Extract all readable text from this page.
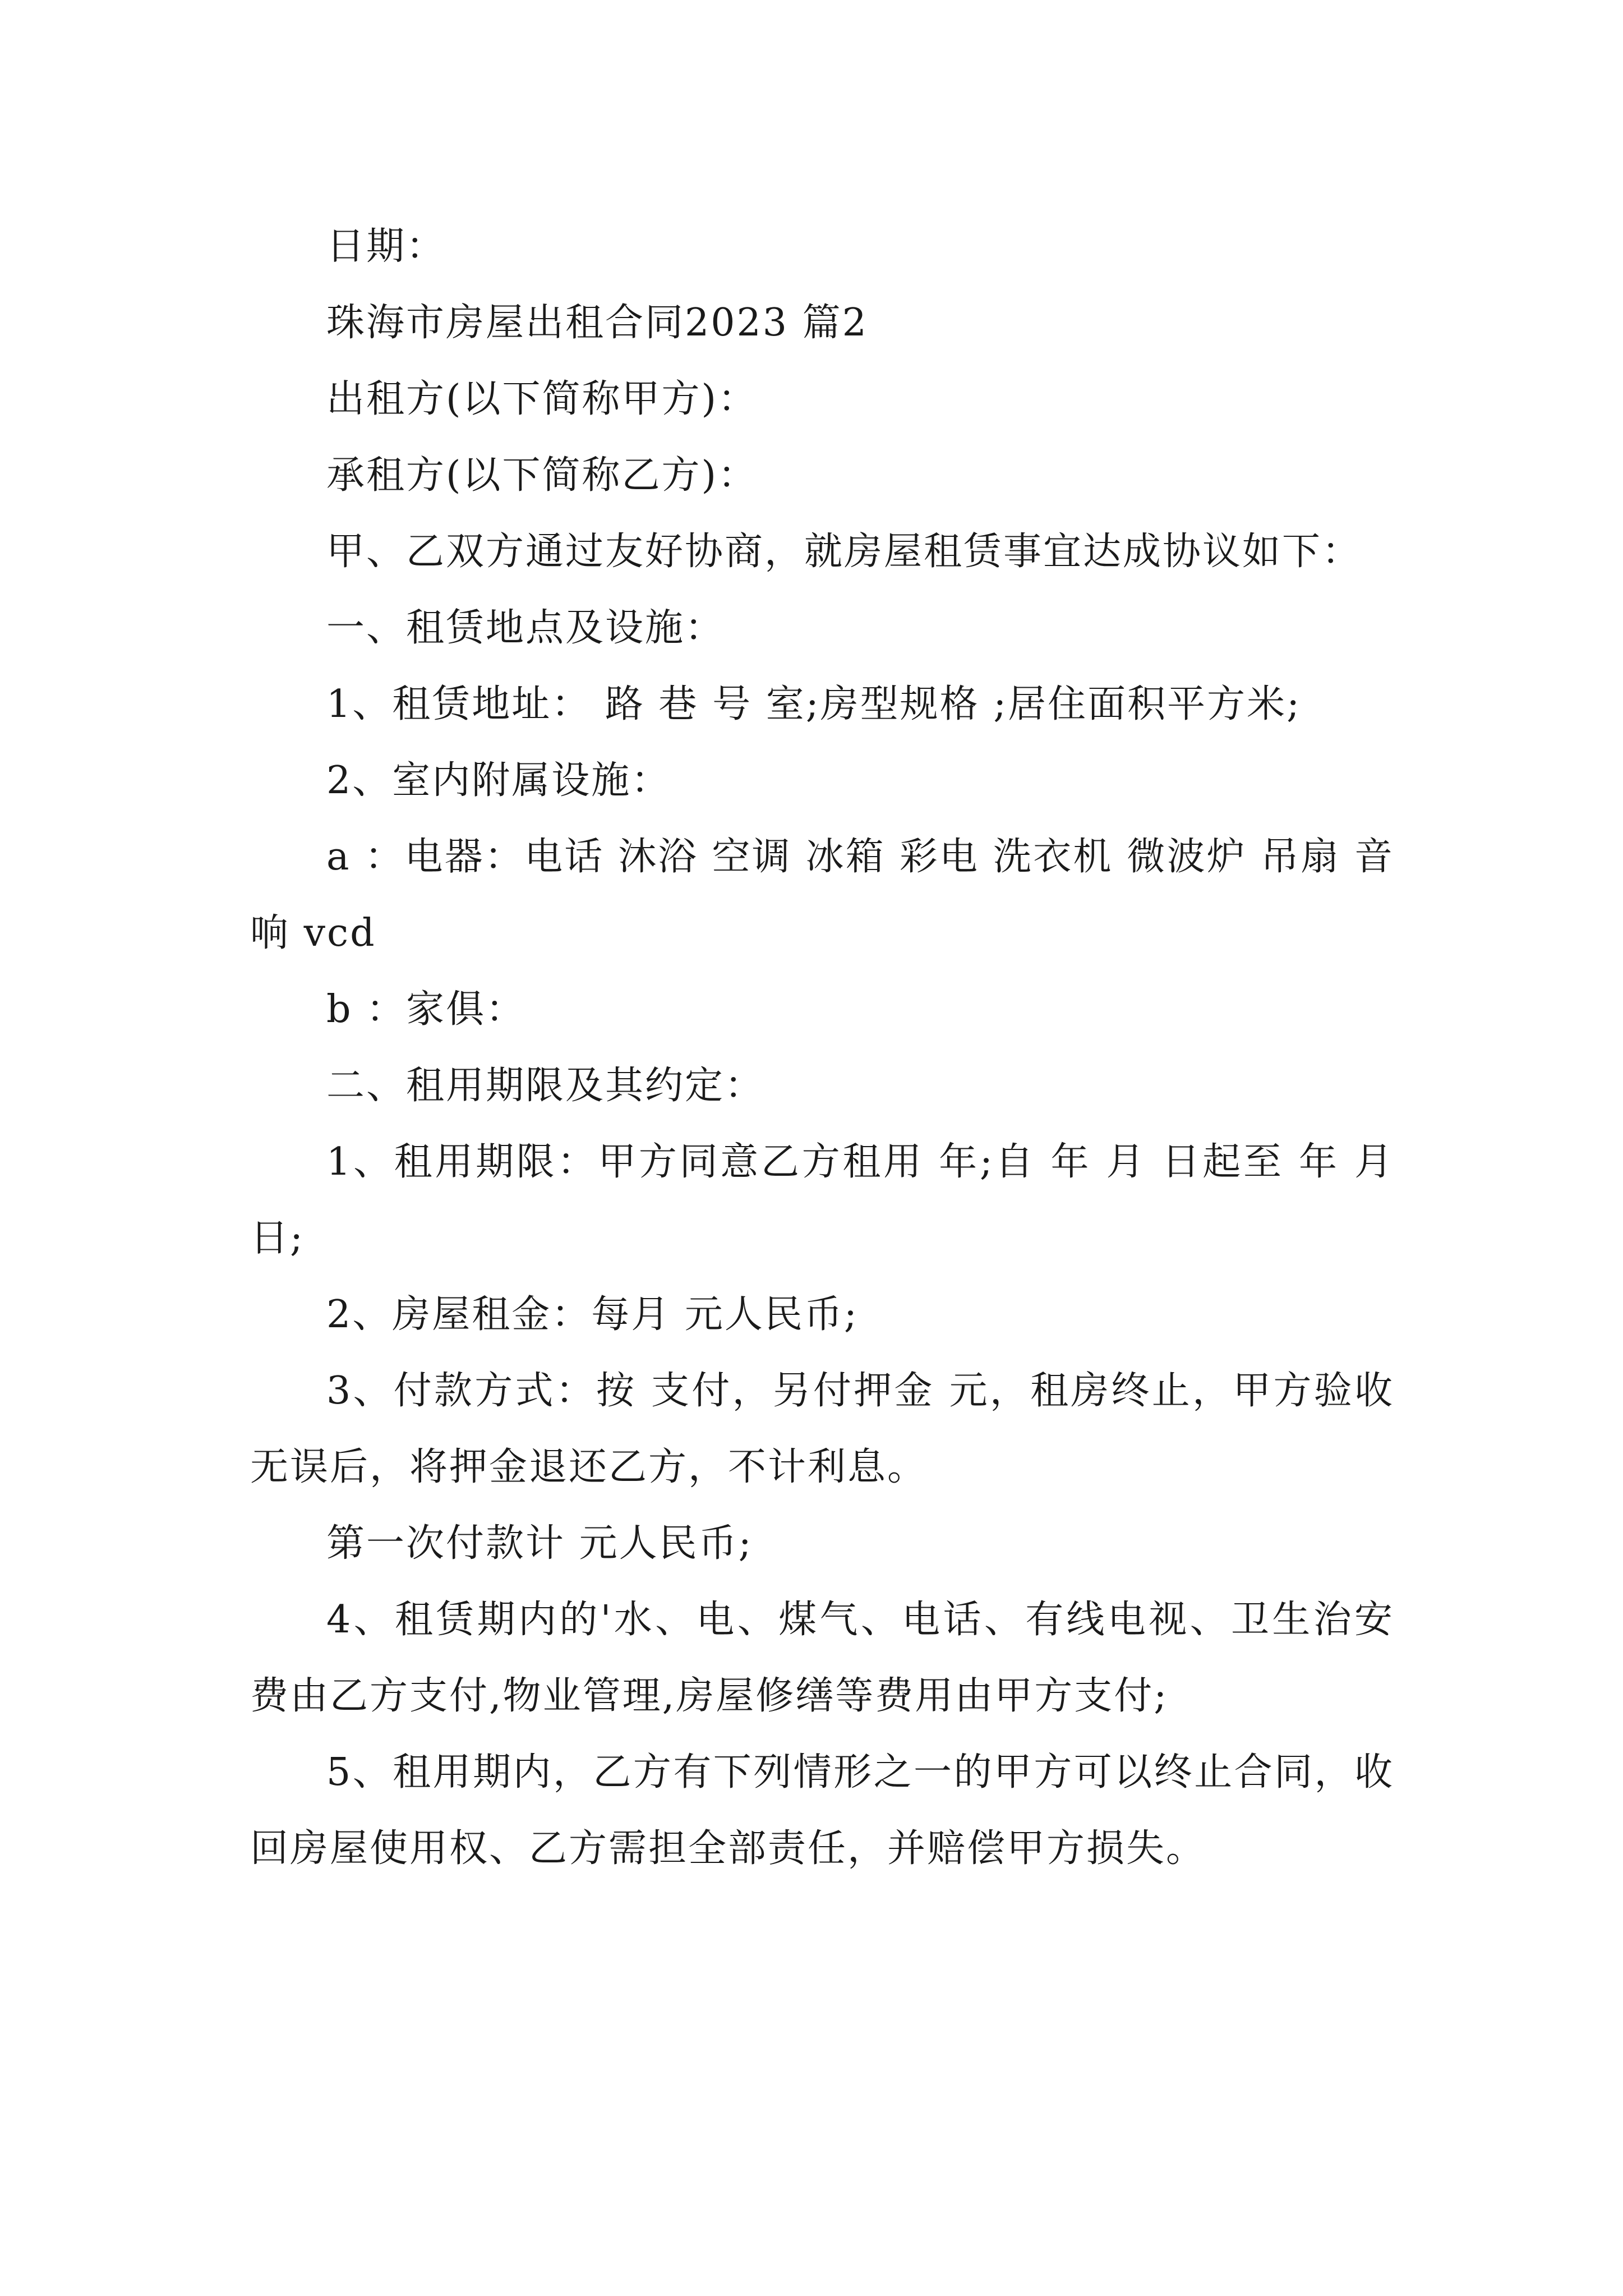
日期：

珠海市房屋出租合同2023 篇2

出租方(以下简称甲方)：

承租方(以下简称乙方)：

甲、乙双方通过友好协商，就房屋租赁事宜达成协议如下：

一、租赁地点及设施：

1、租赁地址： 路 巷 号 室;房型规格 ;居住面积平方米;

2、室内附属设施：

a ：电器：电话 沐浴 空调 冰箱 彩电 洗衣机 微波炉 吊扇 音响 vcd

b ：家俱：

二、租用期限及其约定：

1、租用期限：甲方同意乙方租用 年;自 年 月 日起至 年 月 日;

2、房屋租金：每月 元人民币;

3、付款方式：按 支付，另付押金 元，租房终止，甲方验收无误后，将押金退还乙方，不计利息。

第一次付款计 元人民币;

4、租赁期内的'水、电、煤气、电话、有线电视、卫生治安费由乙方支付,物业管理,房屋修缮等费用由甲方支付;

5、租用期内，乙方有下列情形之一的甲方可以终止合同，收回房屋使用权、乙方需担全部责任，并赔偿甲方损失。
